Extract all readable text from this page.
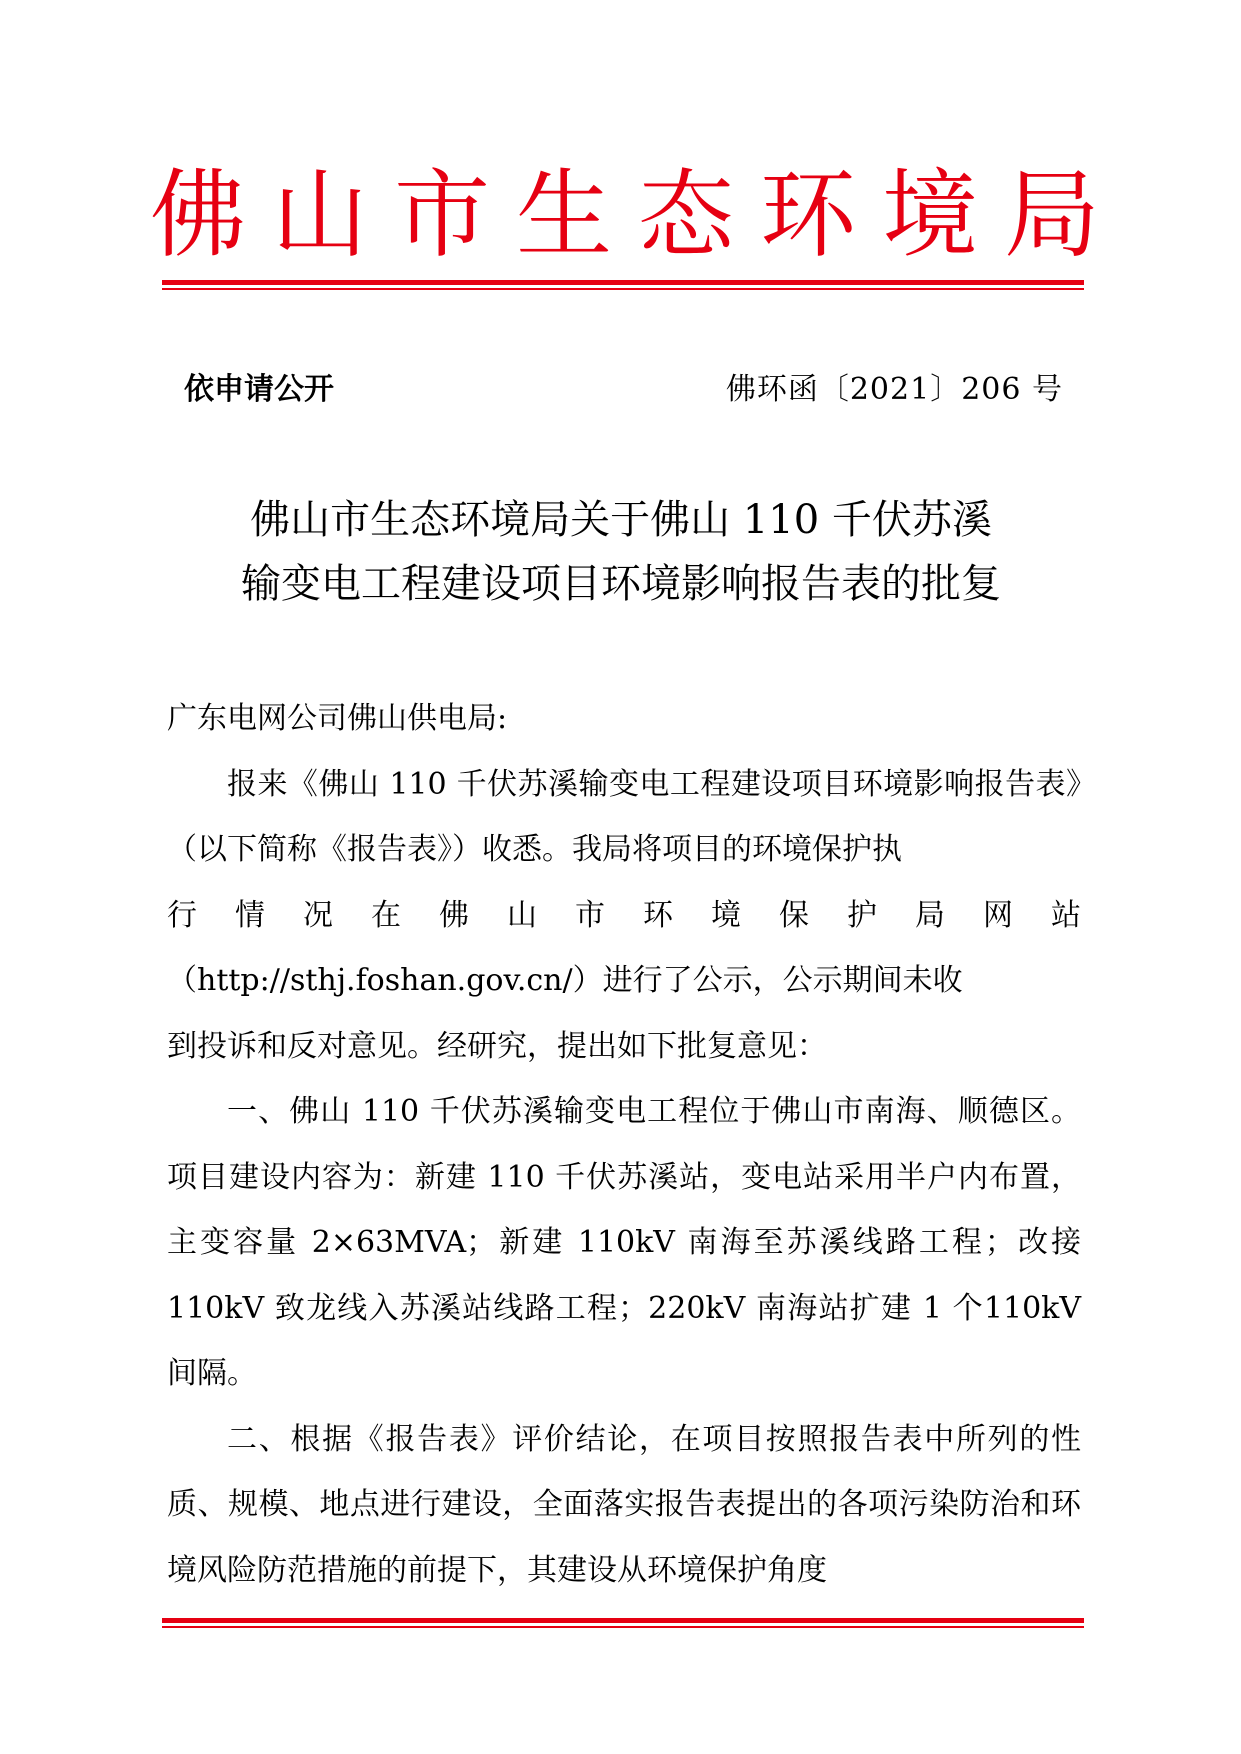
佛 山 市 生 态 环 境 局
依申请公开	佛环函〔2021〕206 号
佛山市生态环境局关于佛山 110 千伏苏溪
输变电工程建设项目环境影响报告表的批复

广东电网公司佛山供电局:

报来《佛山 110 千伏苏溪输变电工程建设项目环境影响报告表》（以下简称《报告表》）收悉。我局将项目的环境保护执

行 情 况 在 佛 山 市 环 境 保 护 局 网 站

（http://sthj.foshan.gov.cn/）进行了公示，公示期间未收

到投诉和反对意见。经研究，提出如下批复意见：

一、佛山 110 千伏苏溪输变电工程位于佛山市南海、顺德区。项目建设内容为：新建 110 千伏苏溪站，变电站采用半户内布置，主变容量 2×63MVA；新建 110kV 南海至苏溪线路工程；改接 110kV 致龙线入苏溪站线路工程；220kV 南海站扩建 1 个110kV 间隔。

二、根据《报告表》评价结论，在项目按照报告表中所列的性质、规模、地点进行建设，全面落实报告表提出的各项污染防治和环境风险防范措施的前提下，其建设从环境保护角度
